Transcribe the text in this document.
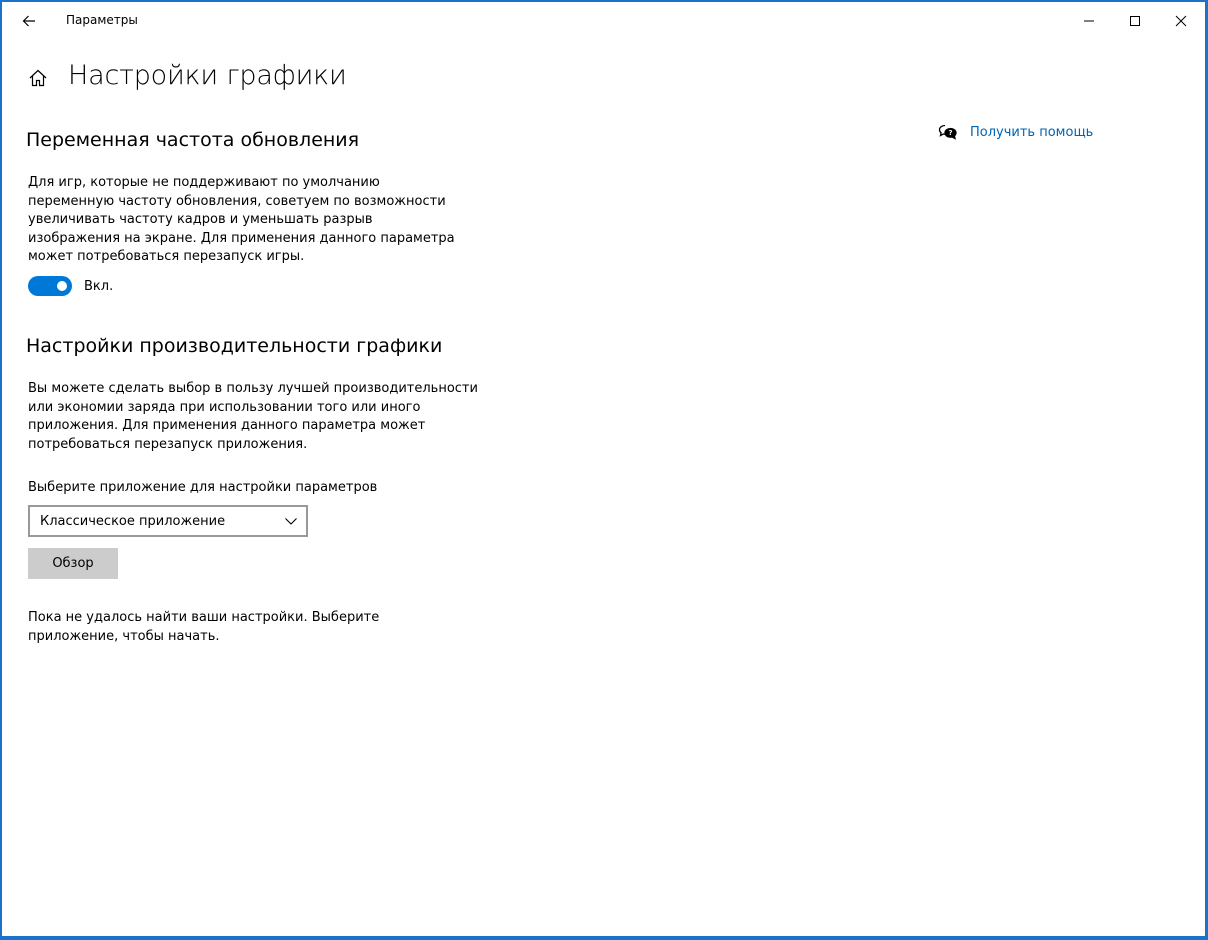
Параметры
Настройки графики
? Получить помощь
Переменная частота обновления
Для игр, которые не поддерживают по умолчанию переменную частоту обновления, советуем по возможности увеличивать частоту кадров и уменьшать разрыв изображения на экране. Для применения данного параметра может потребоваться перезапуск игры.
Вкл.
Настройки производительности графики
Вы можете сделать выбор в пользу лучшей производительности или экономии заряда при использовании того или иного приложения. Для применения данного параметра может потребоваться перезапуск приложения.
Выберите приложение для настройки параметров
Классическое приложение
Обзор
Пока не удалось найти ваши настройки. Выберите приложение, чтобы начать.
